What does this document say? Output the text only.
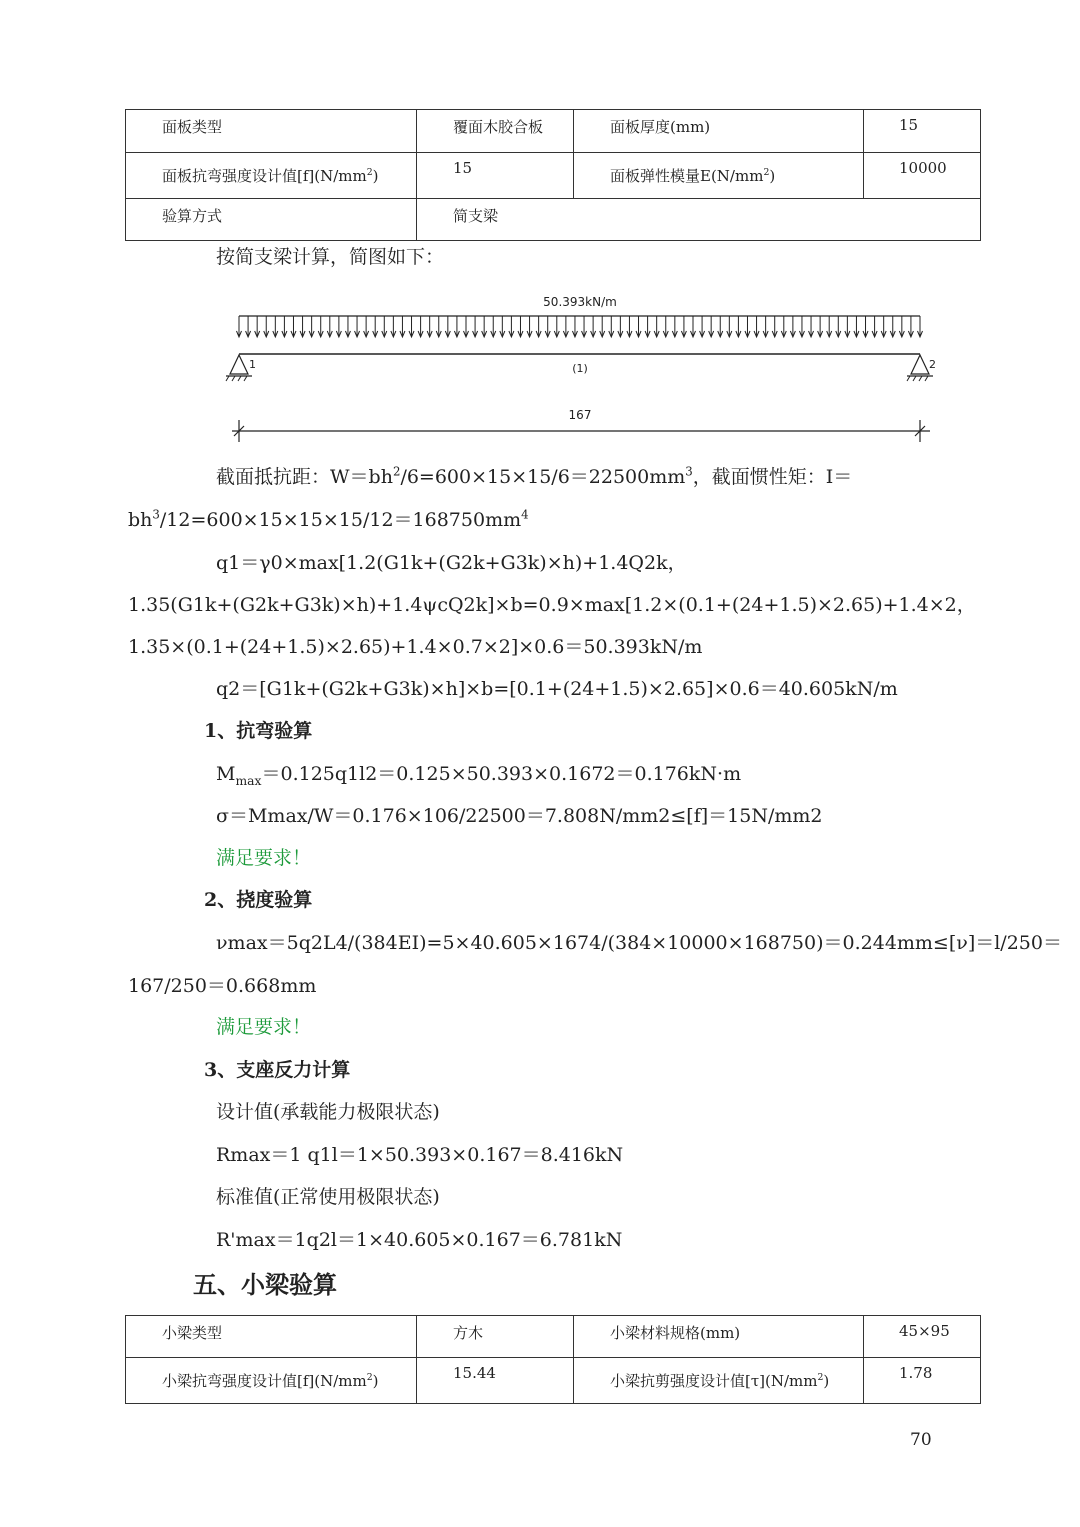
面板类型	覆面木胶合板	面板厚度(mm)	15
面板抗弯强度设计值$[f](N/mm^2)$	15	面板弹性模量$E(N/mm^2)$	10000
验算方式	简支梁		
按简支梁计算，简图如下：
50.393kN/m
1	2
(1)
167
截面抵抗距：$W=bh^2/6=600\times 15\times 15/6=22500mm^3$，截面惯性矩：I＝
$bh^3/12=600\times 15\times 15\times 15/12=168750mm^4$
q1＝γ0×max[1.2(G1k+(G2k+G3k)×h)+1.4Q2k，
1.35(G1k+(G2k+G3k)×h)+1.4ψcQ2k]×b=0.9×max[1.2×(0.1+(24+1.5)×2.65)+1.4×2，
1.35×(0.1+(24+1.5)×2.65)+1.4×0.7×2]×0.6＝50.393kN/m
q2＝[G1k+(G2k+G3k)×h]×b=[0.1+(24+1.5)×2.65]×0.6＝40.605kN/m
1、抗弯验算
$M_{max}=0.125q1l2=0.125\times 50.393\times 0.1672=0.176kN\cdot m$
σ＝Mmax/W＝0.176×106/22500＝7.808N/mm2≤[f]＝15N/mm2
满足要求！
2、挠度验算
νmax＝5q2L4/(384EI)=5×40.605×1674/(384×10000×168750)＝0.244mm≤[ν]＝l/250＝
167/250＝0.668mm
满足要求！
3、支座反力计算
设计值(承载能力极限状态)
Rmax＝1 q1l＝1×50.393×0.167＝8.416kN
标准值(正常使用极限状态)
R'max＝1q2l＝1×40.605×0.167＝6.781kN
五、小梁验算
小梁类型	方木	小梁材料规格(mm)	45×95
小梁抗弯强度设计值$[f](N/mm^2)$	15.44	小梁抗剪强度设计值$[\tau](N/mm^2)$	1.78
70
